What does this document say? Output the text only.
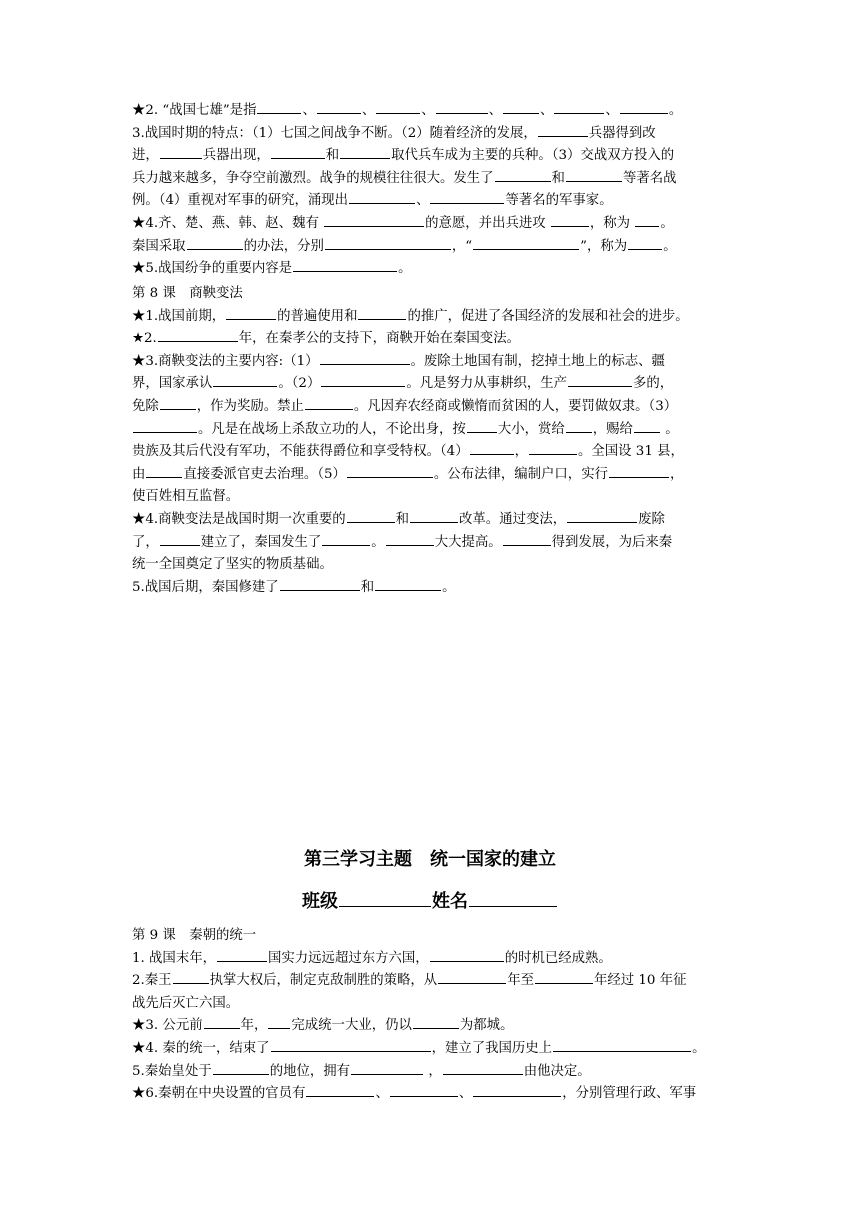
★2. “战国七雄”是指	、	、	、	、	、	、	。

3.战国时期的特点：（1）七国之间战争不断。（2）随着经济的发展，	兵器得到改

进，	兵器出现，	和	取代兵车成为主要的兵种。（3）交战双方投入的

兵力越来越多，争夺空前激烈。战争的规模往往很大。发生了	和	等著名战

例。（4）重视对军事的研究，涌现出	、	等著名的军事家。

★4.齐、楚、燕、韩、赵、魏有	的意愿，并出兵进攻	，称为 。

秦国采取	的办法，分别	，“	”，称为	。

★5.战国纷争的重要内容是	。

第 8 课　商鞅变法

★1.战国前期，	的普遍使用和	的推广，促进了各国经济的发展和社会的进步。

★2.	年，在秦孝公的支持下，商鞅开始在秦国变法。

★3.商鞅变法的主要内容:（1）	。废除土地国有制，挖掉土地上的标志、疆

界，国家承认	。（2）	。凡是努力从事耕织，生产	多的，

免除	，作为奖励。禁止	。凡因弃农经商或懒惰而贫困的人，要罚做奴隶。（3）

。凡是在战场上杀敌立功的人，不论出身，按 大小，赏给 ，赐给 。

贵族及其后代没有军功，不能获得爵位和享受特权。（4）	，	。全国设 31 县，

由	直接委派官吏去治理。（5）	。公布法律，编制户口，实行	，

使百姓相互监督。

★4.商鞅变法是战国时期一次重要的	和	改革。通过变法，	废除

了，	建立了，秦国发生了	。	大大提高。	得到发展，为后来秦

统一全国奠定了坚实的物质基础。

5.战国后期，秦国修建了	和	。

第三学习主题　统一国家的建立
班级	姓名

第 9 课　秦朝的统一

1. 战国末年，	国实力远远超过东方六国，	的时机已经成熟。

2.秦王	执掌大权后，制定克敌制胜的策略，从	年至	年经过 10 年征

战先后灭亡六国。

★3. 公元前	年， 完成统一大业，仍以	为都城。

★4. 秦的统一，结束了	，建立了我国历史上	。

5.秦始皇处于	的地位，拥有	，	由他决定。

★6.秦朝在中央设置的官员有	、	、	，分别管理行政、军事
